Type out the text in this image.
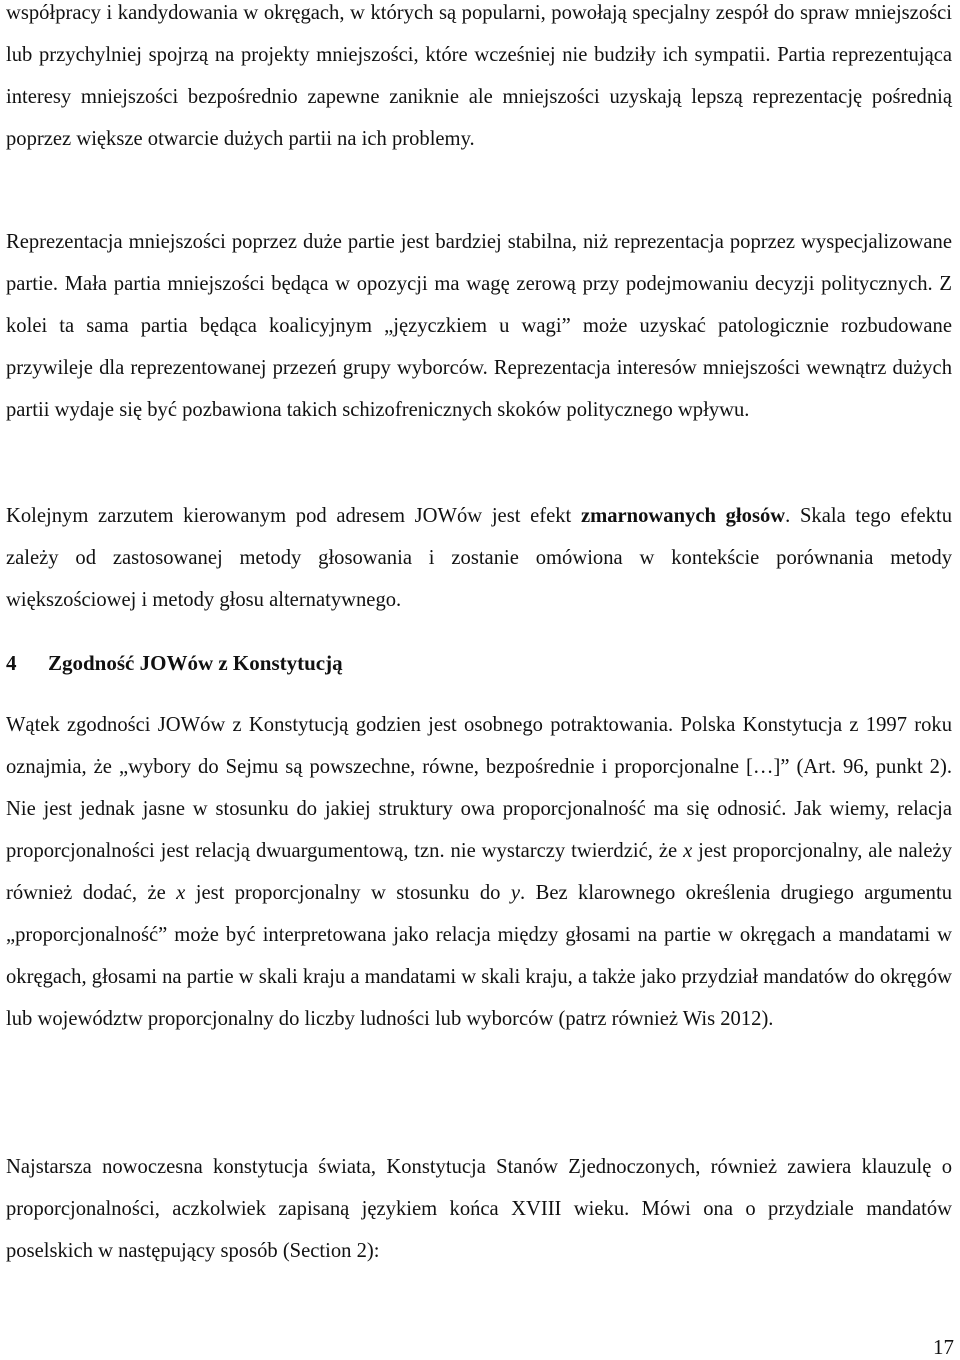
współpracy i kandydowania w okręgach, w których są popularni, powołają specjalny zespół do spraw mniejszości lub przychylniej spojrzą na projekty mniejszości, które wcześniej nie budziły ich sympatii. Partia reprezentująca interesy mniejszości bezpośrednio zapewne zaniknie ale mniejszości uzyskają lepszą reprezentację pośrednią poprzez większe otwarcie dużych partii na ich problemy.

Reprezentacja mniejszości poprzez duże partie jest bardziej stabilna, niż reprezentacja poprzez wyspecjalizowane partie. Mała partia mniejszości będąca w opozycji ma wagę zerową przy podejmowaniu decyzji politycznych. Z kolei ta sama partia będąca koalicyjnym „języczkiem u wagi” może uzyskać patologicznie rozbudowane przywileje dla reprezentowanej przezeń grupy wyborców. Reprezentacja interesów mniejszości wewnątrz dużych partii wydaje się być pozbawiona takich schizofrenicznych skoków politycznego wpływu.

Kolejnym zarzutem kierowanym pod adresem JOWów jest efekt zmarnowanych głosów. Skala tego efektu zależy od zastosowanej metody głosowania i zostanie omówiona w kontekście porównania metody większościowej i metody głosu alternatywnego.

4 Zgodność JOWów z Konstytucją

Wątek zgodności JOWów z Konstytucją godzien jest osobnego potraktowania. Polska Konstytucja z 1997 roku oznajmia, że „wybory do Sejmu są powszechne, równe, bezpośrednie i proporcjonalne […]” (Art. 96, punkt 2). Nie jest jednak jasne w stosunku do jakiej struktury owa proporcjonalność ma się odnosić. Jak wiemy, relacja proporcjonalności jest relacją dwuargumentową, tzn. nie wystarczy twierdzić, że x jest proporcjonalny, ale należy również dodać, że x jest proporcjonalny w stosunku do y. Bez klarownego określenia drugiego argumentu „proporcjonalność” może być interpretowana jako relacja między głosami na partie w okręgach a mandatami w okręgach, głosami na partie w skali kraju a mandatami w skali kraju, a także jako przydział mandatów do okręgów lub województw proporcjonalny do liczby ludności lub wyborców (patrz również Wis 2012).

Najstarsza nowoczesna konstytucja świata, Konstytucja Stanów Zjednoczonych, również zawiera klauzulę o proporcjonalności, aczkolwiek zapisaną językiem końca XVIII wieku. Mówi ona o przydziale mandatów poselskich w następujący sposób (Section 2):

17
